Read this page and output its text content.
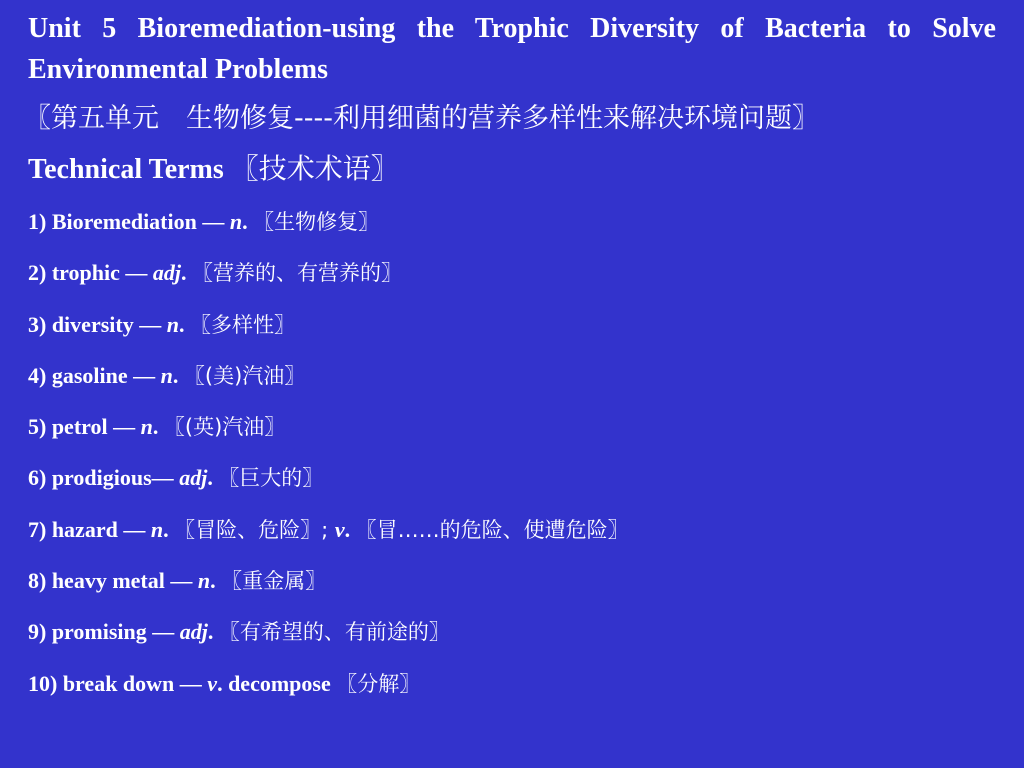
Unit 5 Bioremediation-using the Trophic Diversity of Bacteria to Solve Environmental Problems
〖第五单元　生物修复----利用细菌的营养多样性来解决环境问题〗
Technical Terms 〖技术术语〗
1) Bioremediation — n. 〖生物修复〗
2) trophic — adj. 〖营养的、有营养的〗
3) diversity — n. 〖多样性〗
4) gasoline — n. 〖(美)汽油〗
5) petrol — n. 〖(英)汽油〗
6) prodigious— adj. 〖巨大的〗
7) hazard — n. 〖冒险、危险〗; v. 〖冒……的危险、使遭危险〗
8) heavy metal — n. 〖重金属〗
9) promising — adj. 〖有希望的、有前途的〗
10) break down — v. decompose 〖分解〗
